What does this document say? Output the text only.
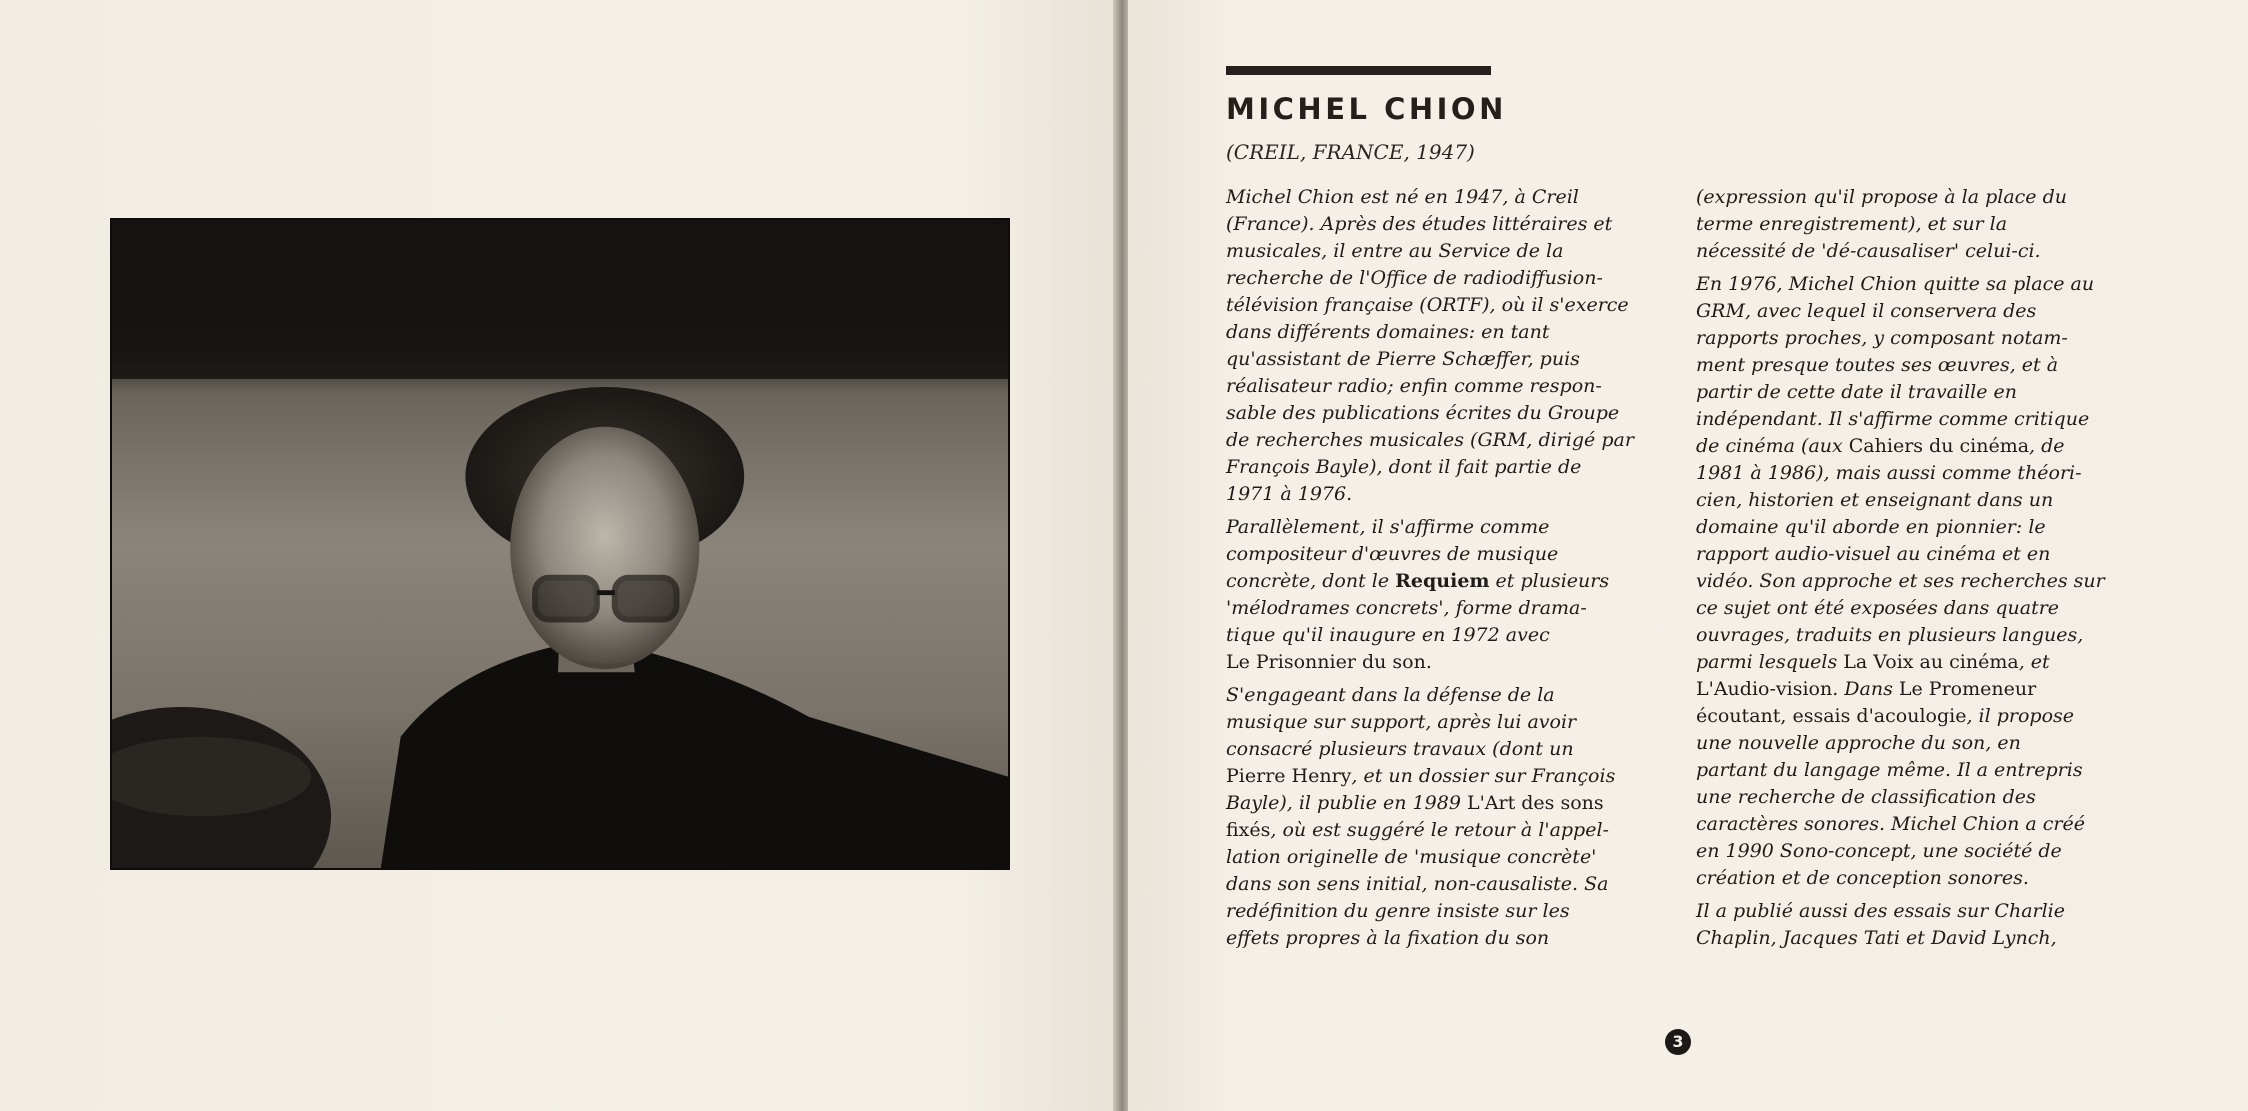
MICHEL CHION

(CREIL, FRANCE, 1947)

Michel Chion est né en 1947, à Creil
(France). Après des études littéraires et
musicales, il entre au Service de la
recherche de l'Office de radiodiffusion-
télévision française (ORTF), où il s'exerce
dans différents domaines: en tant
qu'assistant de Pierre Schæffer, puis
réalisateur radio; enfin comme respon-
sable des publications écrites du Groupe
de recherches musicales (GRM, dirigé par
François Bayle), dont il fait partie de
1971 à 1976.

Parallèlement, il s'affirme comme
compositeur d'œuvres de musique
concrète, dont le Requiem et plusieurs
'mélodrames concrets', forme drama-
tique qu'il inaugure en 1972 avec
Le Prisonnier du son.

S'engageant dans la défense de la
musique sur support, après lui avoir
consacré plusieurs travaux (dont un
Pierre Henry, et un dossier sur François
Bayle), il publie en 1989 L'Art des sons
fixés, où est suggéré le retour à l'appel-
lation originelle de 'musique concrète'
dans son sens initial, non-causaliste. Sa
redéfinition du genre insiste sur les
effets propres à la fixation du son

(expression qu'il propose à la place du
terme enregistrement), et sur la
nécessité de 'dé-causaliser' celui-ci.

En 1976, Michel Chion quitte sa place au
GRM, avec lequel il conservera des
rapports proches, y composant notam-
ment presque toutes ses œuvres, et à
partir de cette date il travaille en
indépendant. Il s'affirme comme critique
de cinéma (aux Cahiers du cinéma, de
1981 à 1986), mais aussi comme théori-
cien, historien et enseignant dans un
domaine qu'il aborde en pionnier: le
rapport audio-visuel au cinéma et en
vidéo. Son approche et ses recherches sur
ce sujet ont été exposées dans quatre
ouvrages, traduits en plusieurs langues,
parmi lesquels La Voix au cinéma, et
L'Audio-vision. Dans Le Promeneur
écoutant, essais d'acoulogie, il propose
une nouvelle approche du son, en
partant du langage même. Il a entrepris
une recherche de classification des
caractères sonores. Michel Chion a créé
en 1990 Sono-concept, une société de
création et de conception sonores.

Il a publié aussi des essais sur Charlie
Chaplin, Jacques Tati et David Lynch,

3
